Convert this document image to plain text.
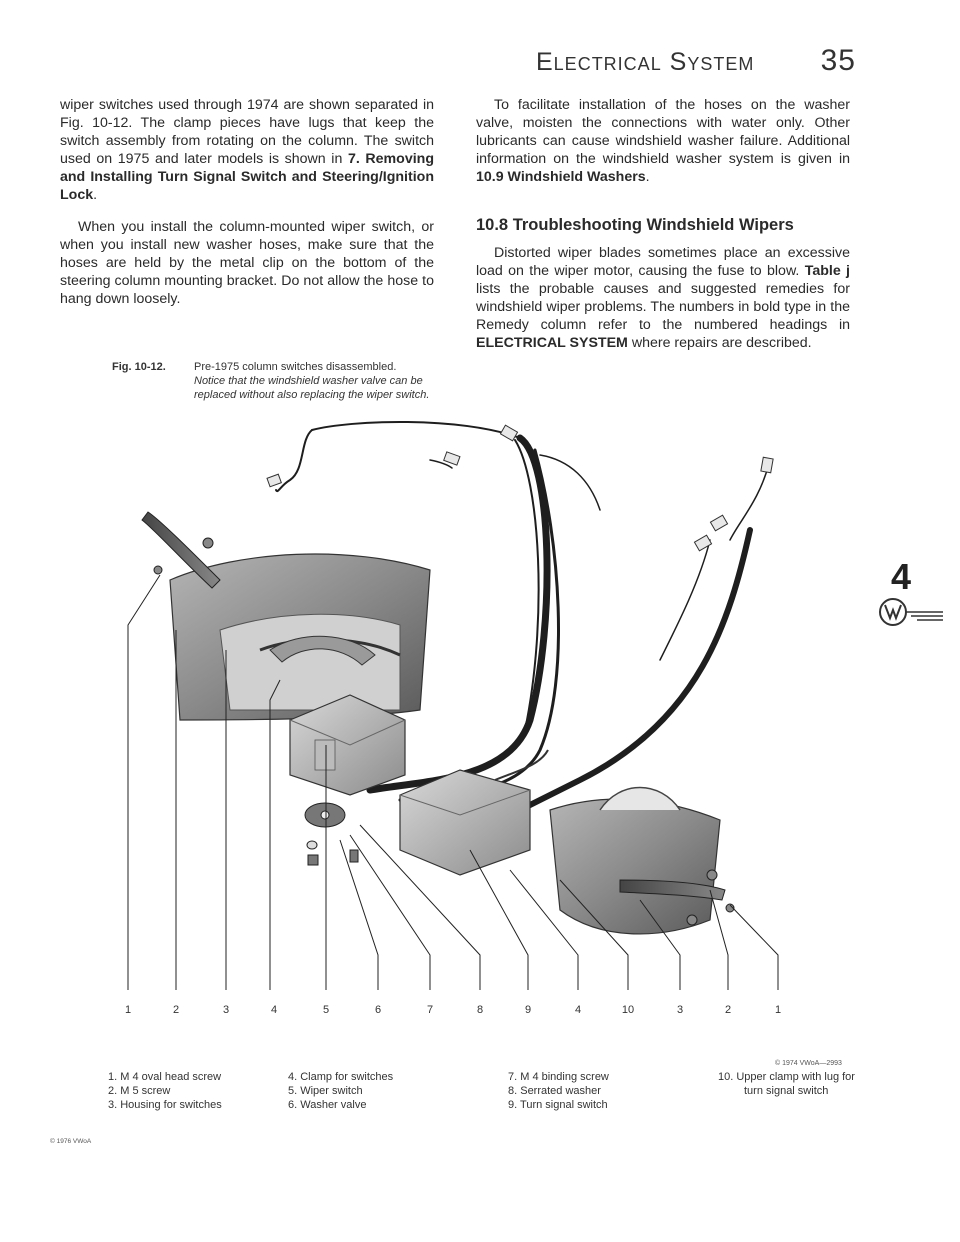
Electrical System 35

wiper switches used through 1974 are shown separated in Fig. 10-12. The clamp pieces have lugs that keep the switch assembly from rotating on the column. The switch used on 1975 and later models is shown in 7. Removing and Installing Turn Signal Switch and Steering/Ignition Lock.

When you install the column-mounted wiper switch, or when you install new washer hoses, make sure that the hoses are held by the metal clip on the bottom of the steering column mounting bracket. Do not allow the hose to hang down loosely.

To facilitate installation of the hoses on the washer valve, moisten the connections with water only. Other lubricants can cause windshield washer failure. Additional information on the windshield washer system is given in 10.9 Windshield Washers.

10.8 Troubleshooting Windshield Wipers

Distorted wiper blades sometimes place an excessive load on the wiper motor, causing the fuse to blow. Table j lists the probable causes and suggested remedies for windshield wiper problems. The numbers in bold type in the Remedy column refer to the numbered headings in ELECTRICAL SYSTEM where repairs are described.

Fig. 10-12.	Pre-1975 column switches disassembled.
Notice that the windshield washer valve can be replaced without also replacing the wiper switch.
1	2	3	4	5	6	7	8	9	4	10	3	2	1
© 1974 VWoA—2993
1. M 4 oval head screw
2. M 5 screw
3. Housing for switches
4. Clamp for switches
5. Wiper switch
6. Washer valve
7. M 4 binding screw
8. Serrated washer
9. Turn signal switch
10. Upper clamp with lug for
turn signal switch
© 1976 VWoA
4
